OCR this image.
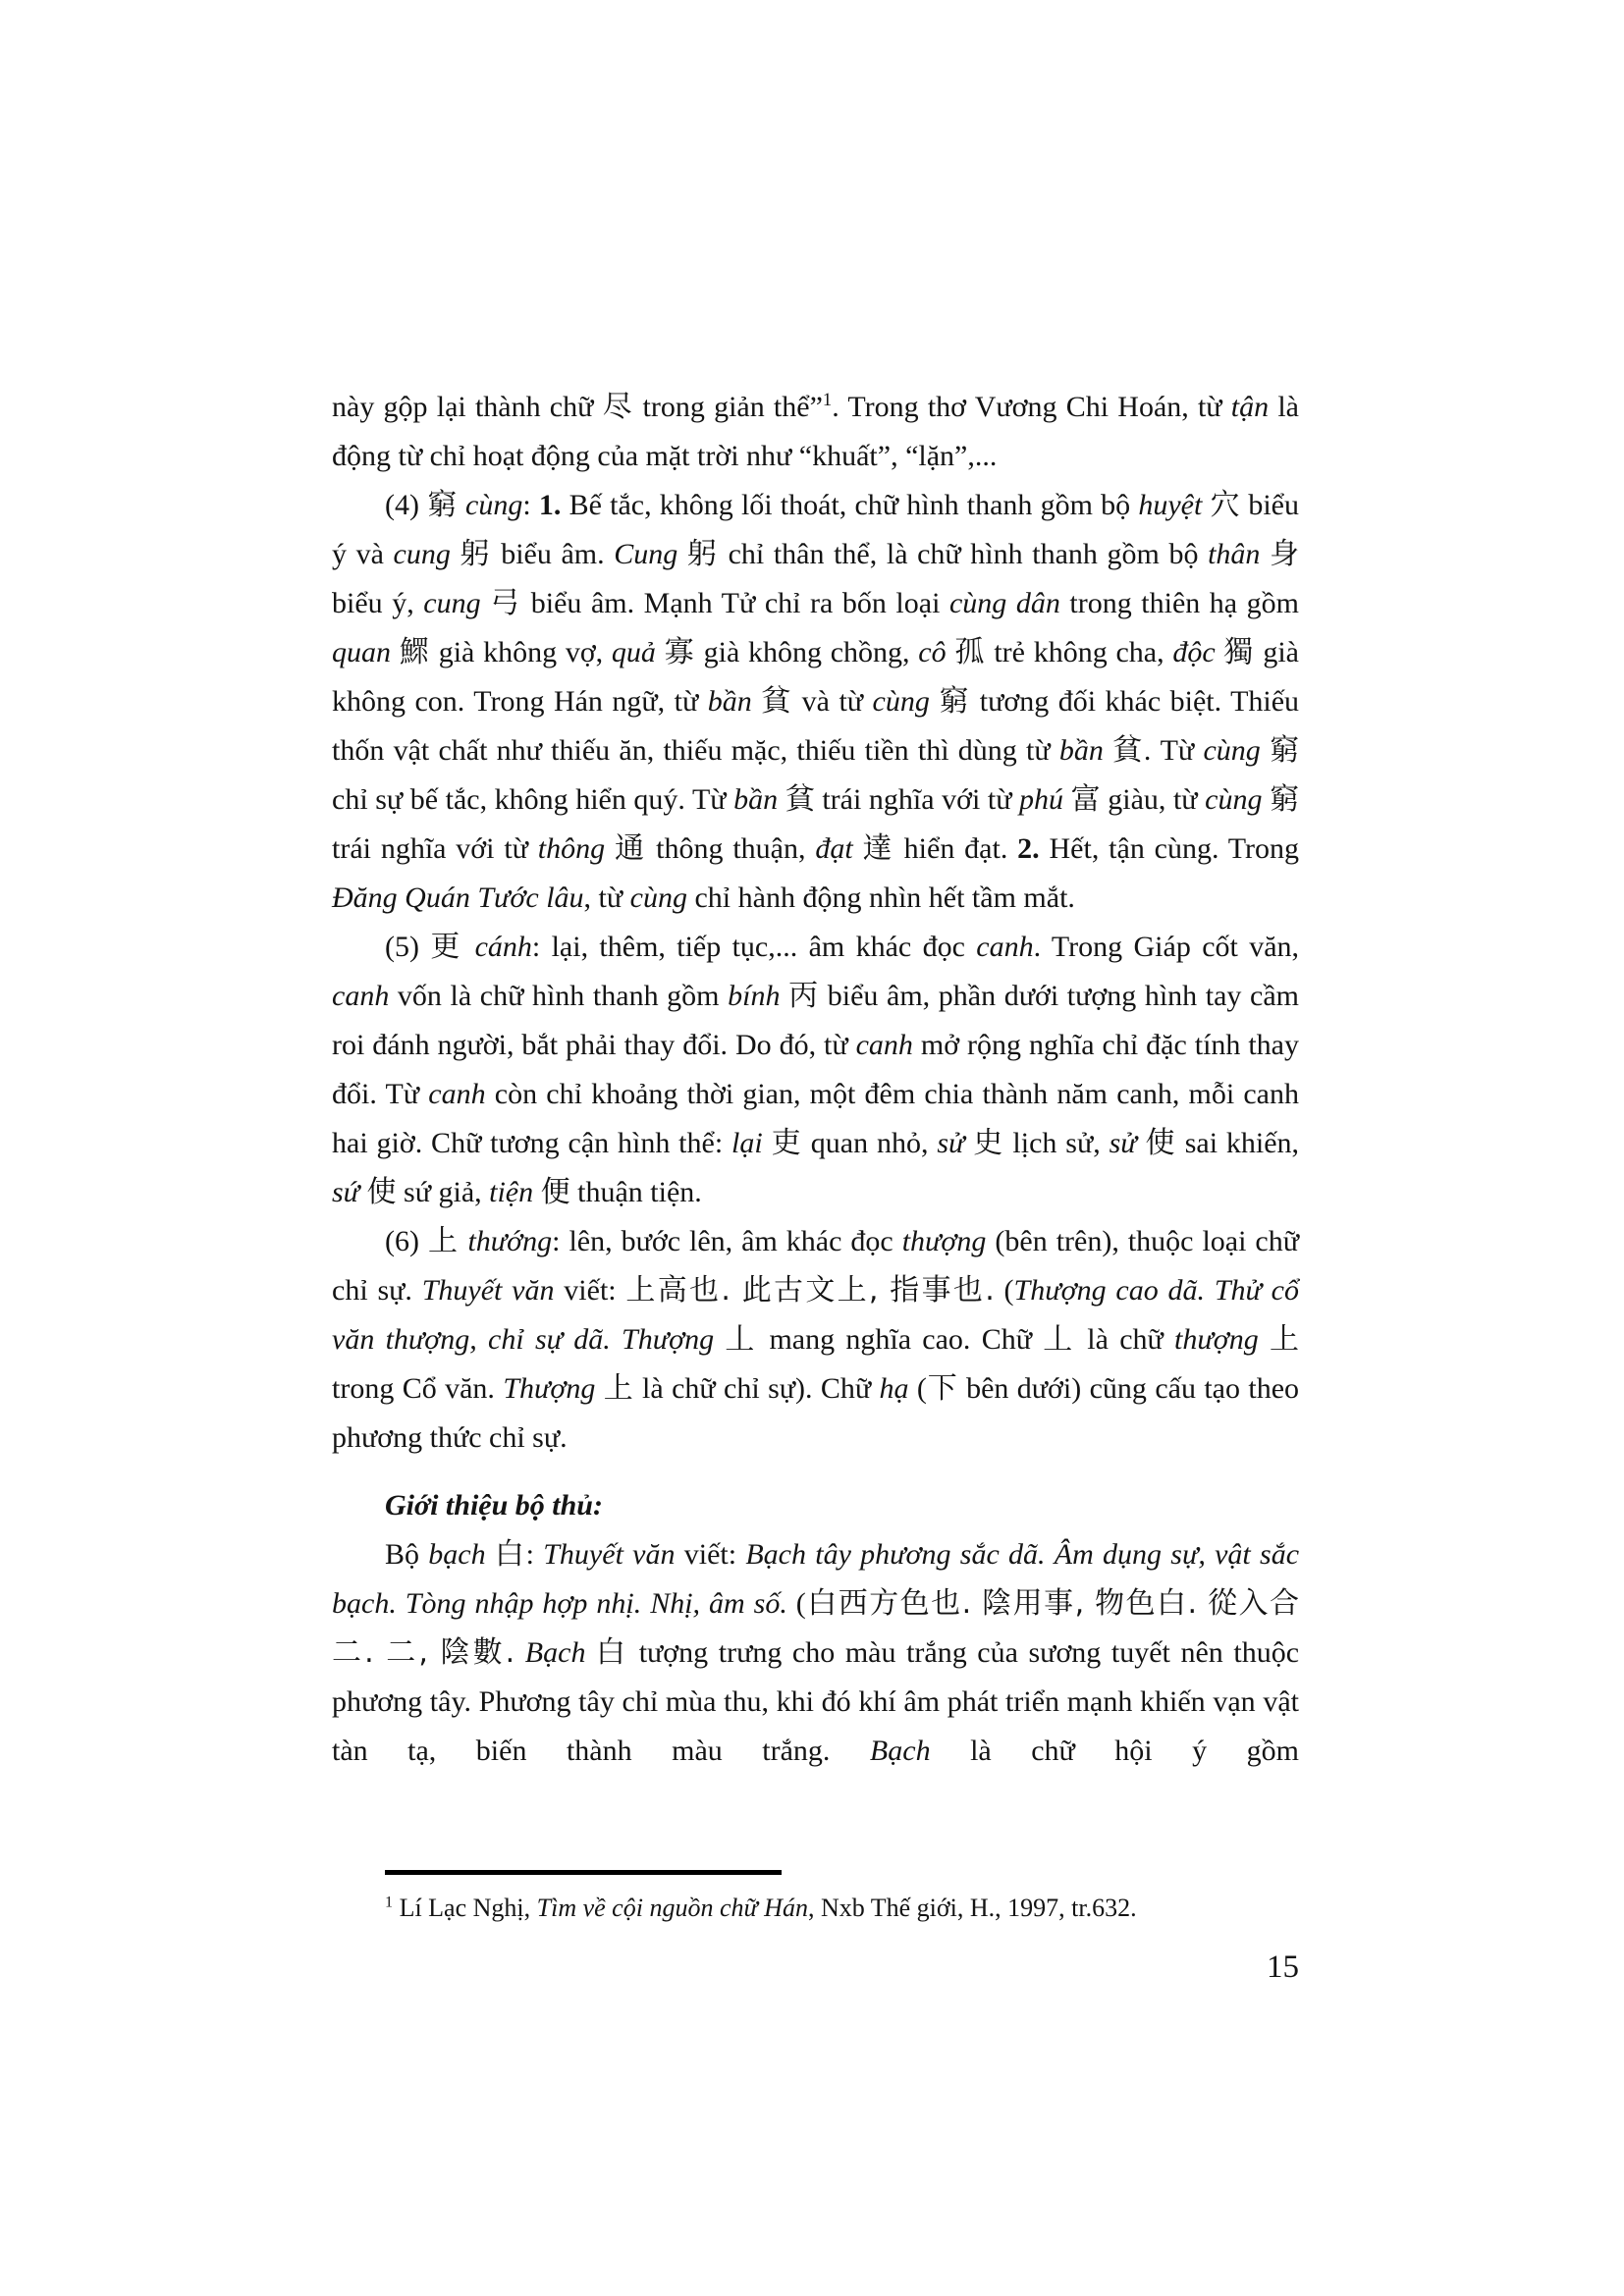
này gộp lại thành chữ 尽 trong giản thể”$^1$. Trong thơ Vương Chi Hoán, từ tận là động từ chỉ hoạt động của mặt trời như “khuất”, “lặn”,...

(4) 窮 cùng: 1. Bế tắc, không lối thoát, chữ hình thanh gồm bộ huyệt 穴 biểu ý và cung 躬 biểu âm. Cung 躬 chỉ thân thể, là chữ hình thanh gồm bộ thân 身 biểu ý, cung 弓 biểu âm. Mạnh Tử chỉ ra bốn loại cùng dân trong thiên hạ gồm quan 鰥 già không vợ, quả 寡 già không chồng, cô 孤 trẻ không cha, độc 獨 già không con. Trong Hán ngữ, từ bần 貧 và từ cùng 窮 tương đối khác biệt. Thiếu thốn vật chất như thiếu ăn, thiếu mặc, thiếu tiền thì dùng từ bần 貧. Từ cùng 窮 chỉ sự bế tắc, không hiển quý. Từ bần 貧 trái nghĩa với từ phú 富 giàu, từ cùng 窮 trái nghĩa với từ thông 通 thông thuận, đạt 達 hiển đạt. 2. Hết, tận cùng. Trong Đăng Quán Tước lâu, từ cùng chỉ hành động nhìn hết tầm mắt.

(5) 更 cánh: lại, thêm, tiếp tục,... âm khác đọc canh. Trong Giáp cốt văn, canh vốn là chữ hình thanh gồm bính 丙 biểu âm, phần dưới tượng hình tay cầm roi đánh người, bắt phải thay đổi. Do đó, từ canh mở rộng nghĩa chỉ đặc tính thay đổi. Từ canh còn chỉ khoảng thời gian, một đêm chia thành năm canh, mỗi canh hai giờ. Chữ tương cận hình thể: lại 吏 quan nhỏ, sử 史 lịch sử, sử 使 sai khiến, sứ 使 sứ giả, tiện 便 thuận tiện.

(6) 上 thướng: lên, bước lên, âm khác đọc thượng (bên trên), thuộc loại chữ chỉ sự. Thuyết văn viết: 上高也. 此古文上, 指事也. (Thượng cao dã. Thử cổ văn thượng, chỉ sự dã. Thượng 丄 mang nghĩa cao. Chữ 丄 là chữ thượng 上 trong Cổ văn. Thượng 上 là chữ chỉ sự). Chữ hạ (下 bên dưới) cũng cấu tạo theo phương thức chỉ sự.

Giới thiệu bộ thủ:

Bộ bạch 白: Thuyết văn viết: Bạch tây phương sắc dã. Âm dụng sự, vật sắc bạch. Tòng nhập hợp nhị. Nhị, âm số. (白西方色也. 陰用事, 物色白. 從入合二. 二, 陰數. Bạch 白 tượng trưng cho màu trắng của sương tuyết nên thuộc phương tây. Phương tây chỉ mùa thu, khi đó khí âm phát triển mạnh khiến vạn vật tàn tạ, biến thành màu trắng. Bạch là chữ hội ý gồm

$^1$ Lí Lạc Nghị, Tìm về cội nguồn chữ Hán, Nxb Thế giới, H., 1997, tr.632.

15
